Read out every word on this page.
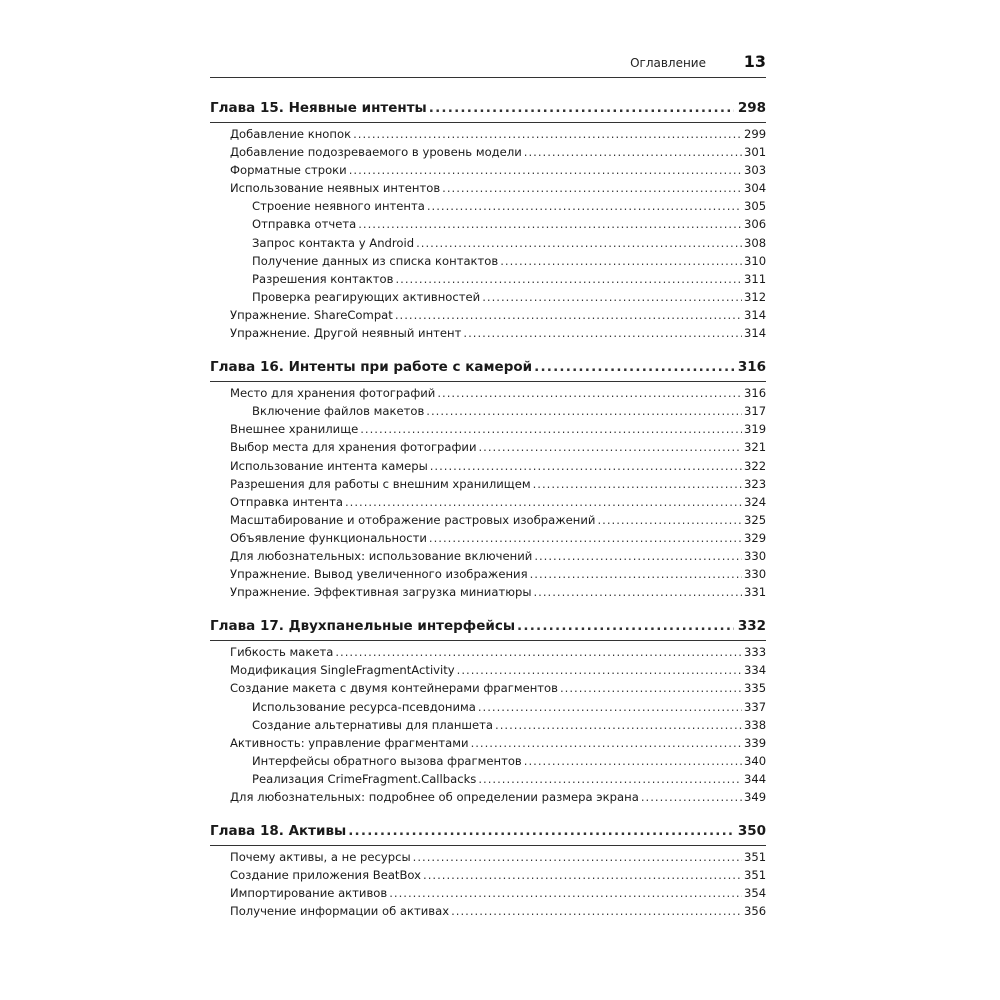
Оглавление 13
Глава 15. Неявные интенты .....	298
Добавление кнопок .....	299
Добавление подозреваемого в уровень модели .....	301
Форматные строки .....	303
Использование неявных интентов .....	304
Строение неявного интента .....	305
Отправка отчета .....	306
Запрос контакта у Android .....	308
Получение данных из списка контактов .....	310
Разрешения контактов .....	311
Проверка реагирующих активностей .....	312
Упражнение. ShareCompat .....	314
Упражнение. Другой неявный интент .....	314
Глава 16. Интенты при работе с камерой .....	316
Место для хранения фотографий .....	316
Включение файлов макетов .....	317
Внешнее хранилище .....	319
Выбор места для хранения фотографии .....	321
Использование интента камеры .....	322
Разрешения для работы с внешним хранилищем .....	323
Отправка интента .....	324
Масштабирование и отображение растровых изображений .....	325
Объявление функциональности .....	329
Для любознательных: использование включений .....	330
Упражнение. Вывод увеличенного изображения .....	330
Упражнение. Эффективная загрузка миниатюры .....	331
Глава 17. Двухпанельные интерфейсы .....	332
Гибкость макета .....	333
Модификация SingleFragmentActivity .....	334
Создание макета с двумя контейнерами фрагментов .....	335
Использование ресурса-псевдонима .....	337
Создание альтернативы для планшета .....	338
Активность: управление фрагментами .....	339
Интерфейсы обратного вызова фрагментов .....	340
Реализация CrimeFragment.Callbacks .....	344
Для любознательных: подробнее об определении размера экрана .....	349
Глава 18. Активы .....	350
Почему активы, а не ресурсы .....	351
Создание приложения BeatBox .....	351
Импортирование активов .....	354
Получение информации об активах .....	356
